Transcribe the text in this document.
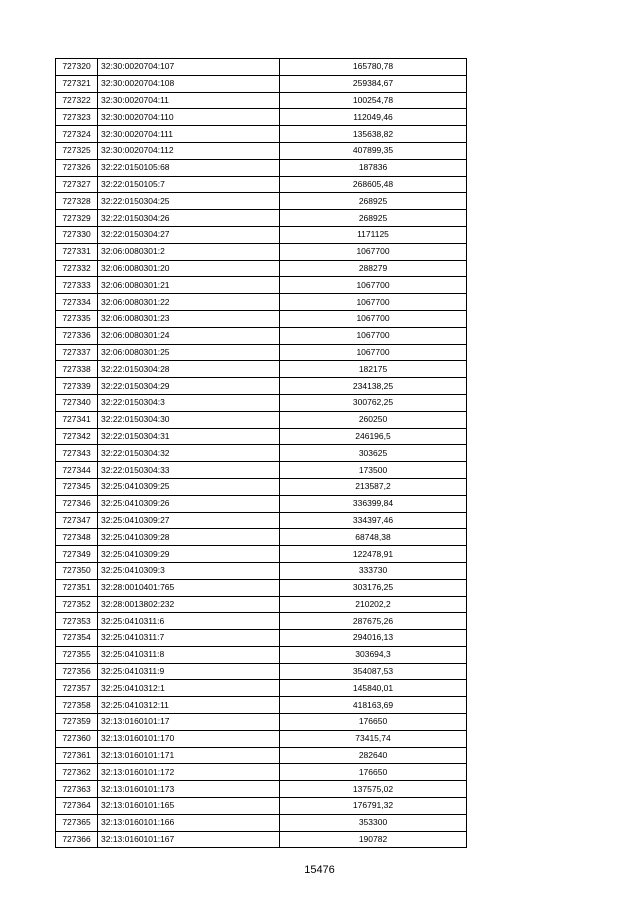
727320	32:30:0020704:107	165780,78
727321	32:30:0020704:108	259384,67
727322	32:30:0020704:11	100254,78
727323	32:30:0020704:110	112049,46
727324	32:30:0020704:111	135638,82
727325	32:30:0020704:112	407899,35
727326	32:22:0150105:68	187836
727327	32:22:0150105:7	268605,48
727328	32:22:0150304:25	268925
727329	32:22:0150304:26	268925
727330	32:22:0150304:27	1171125
727331	32:06:0080301:2	1067700
727332	32:06:0080301:20	288279
727333	32:06:0080301:21	1067700
727334	32:06:0080301:22	1067700
727335	32:06:0080301:23	1067700
727336	32:06:0080301:24	1067700
727337	32:06:0080301:25	1067700
727338	32:22:0150304:28	182175
727339	32:22:0150304:29	234138,25
727340	32:22:0150304:3	300762,25
727341	32:22:0150304:30	260250
727342	32:22:0150304:31	246196,5
727343	32:22:0150304:32	303625
727344	32:22:0150304:33	173500
727345	32:25:0410309:25	213587,2
727346	32:25:0410309:26	336399,84
727347	32:25:0410309:27	334397,46
727348	32:25:0410309:28	68748,38
727349	32:25:0410309:29	122478,91
727350	32:25:0410309:3	333730
727351	32:28:0010401:765	303176,25
727352	32:28:0013802:232	210202,2
727353	32:25:0410311:6	287675,26
727354	32:25:0410311:7	294016,13
727355	32:25:0410311:8	303694,3
727356	32:25:0410311:9	354087,53
727357	32:25:0410312:1	145840,01
727358	32:25:0410312:11	418163,69
727359	32:13:0160101:17	176650
727360	32:13:0160101:170	73415,74
727361	32:13:0160101:171	282640
727362	32:13:0160101:172	176650
727363	32:13:0160101:173	137575,02
727364	32:13:0160101:165	176791,32
727365	32:13:0160101:166	353300
727366	32:13:0160101:167	190782
15476
